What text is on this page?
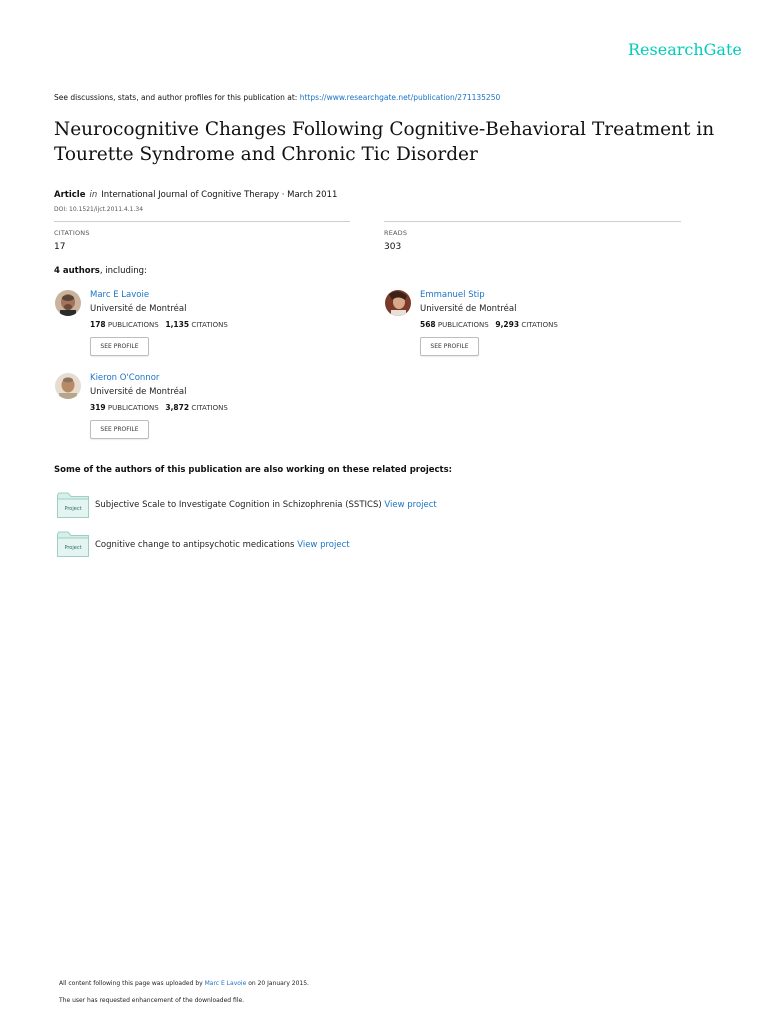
ResearchGate
See discussions, stats, and author profiles for this publication at: https://www.researchgate.net/publication/271135250
Neurocognitive Changes Following Cognitive-Behavioral Treatment in Tourette Syndrome and Chronic Tic Disorder
Article in International Journal of Cognitive Therapy · March 2011
DOI: 10.1521/ijct.2011.4.1.34
CITATIONS
17
READS
303
4 authors, including:
Marc E Lavoie
Université de Montréal
178 PUBLICATIONS 1,135 CITATIONS
SEE PROFILE
Emmanuel Stip
Université de Montréal
568 PUBLICATIONS 9,293 CITATIONS
SEE PROFILE
Kieron O'Connor
Université de Montréal
319 PUBLICATIONS 3,872 CITATIONS
SEE PROFILE
Some of the authors of this publication are also working on these related projects:
Project Subjective Scale to Investigate Cognition in Schizophrenia (SSTICS) View project
Project Cognitive change to antipsychotic medications View project
All content following this page was uploaded by Marc E Lavoie on 20 January 2015.
The user has requested enhancement of the downloaded file.
